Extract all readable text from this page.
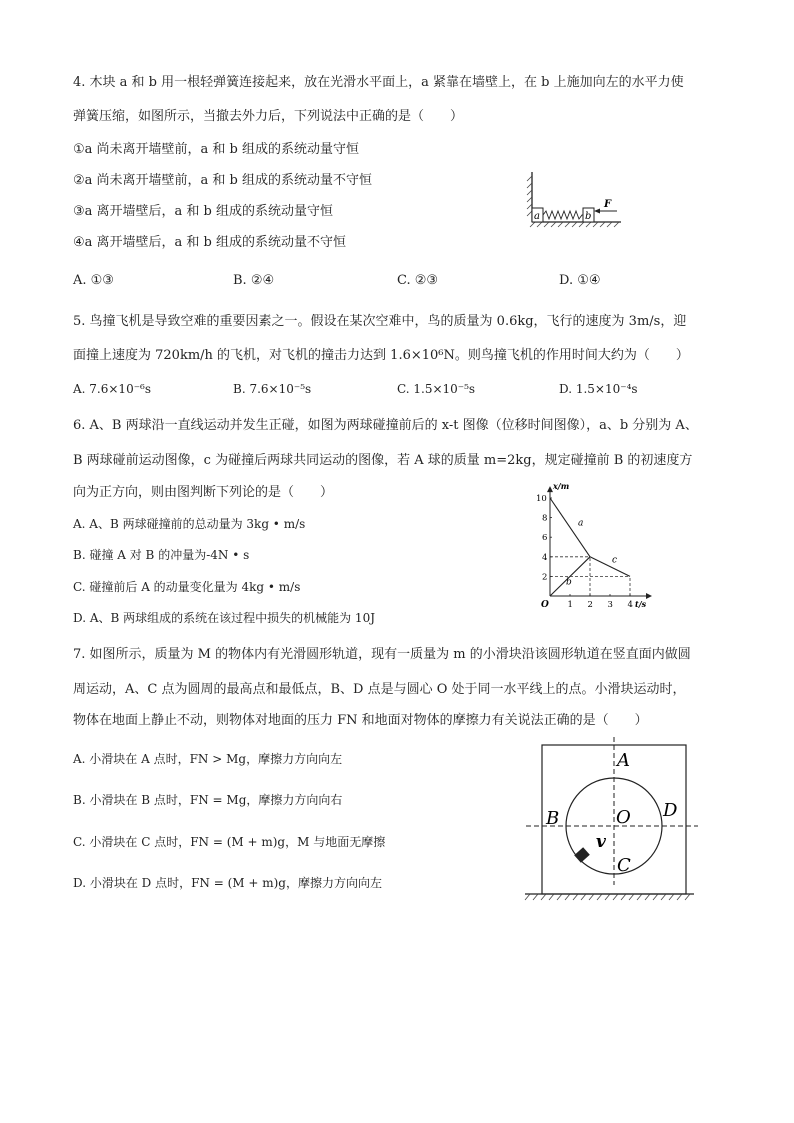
4. 木块 a 和 b 用一根轻弹簧连接起来，放在光滑水平面上，a 紧靠在墙壁上，在 b 上施加向左的水平力使
弹簧压缩，如图所示，当撤去外力后，下列说法中正确的是（　　）
①a 尚未离开墙壁前，a 和 b 组成的系统动量守恒
②a 尚未离开墙壁前，a 和 b 组成的系统动量不守恒
③a 离开墙壁后，a 和 b 组成的系统动量守恒
④a 离开墙壁后，a 和 b 组成的系统动量不守恒
A. ①③	B. ②④	C. ②③	D. ①④
a	b
F
5. 鸟撞飞机是导致空难的重要因素之一。假设在某次空难中，鸟的质量为 0.6kg，飞行的速度为 3m/s，迎
面撞上速度为 720km/h 的飞机，对飞机的撞击力达到 1.6×10⁶N。则鸟撞飞机的作用时间大约为（　　）
A. 7.6×10⁻⁶s	B. 7.6×10⁻⁵s	C. 1.5×10⁻⁵s	D. 1.5×10⁻⁴s
6. A、B 两球沿一直线运动并发生正碰，如图为两球碰撞前后的 x-t 图像（位移时间图像），a、b 分别为 A、
B 两球碰前运动图像，c 为碰撞后两球共同运动的图像，若 A 球的质量 m=2kg，规定碰撞前 B 的初速度方
向为正方向，则由图判断下列论的是（　　）
A. A、B 两球碰撞前的总动量为 3kg • m/s
B. 碰撞 A 对 B 的冲量为-4N • s
C. 碰撞前后 A 的动量变化量为 4kg • m/s
D. A、B 两球组成的系统在该过程中损失的机械能为 10J
a
b
c
1 2 3 4
2
4
6
8
10
x/m
t/s
O
7. 如图所示，质量为 M 的物体内有光滑圆形轨道，现有一质量为 m 的小滑块沿该圆形轨道在竖直面内做圆
周运动，A、C 点为圆周的最高点和最低点，B、D 点是与圆心 O 处于同一水平线上的点。小滑块运动时，
物体在地面上静止不动，则物体对地面的压力 FN 和地面对物体的摩擦力有关说法正确的是（　　）
A. 小滑块在 A 点时，FN > Mg，摩擦力方向向左
B. 小滑块在 B 点时，FN = Mg，摩擦力方向向右
C. 小滑块在 C 点时，FN = (M + m)g，M 与地面无摩擦
D. 小滑块在 D 点时，FN = (M + m)g，摩擦力方向向左
A
B	O D
C
v
